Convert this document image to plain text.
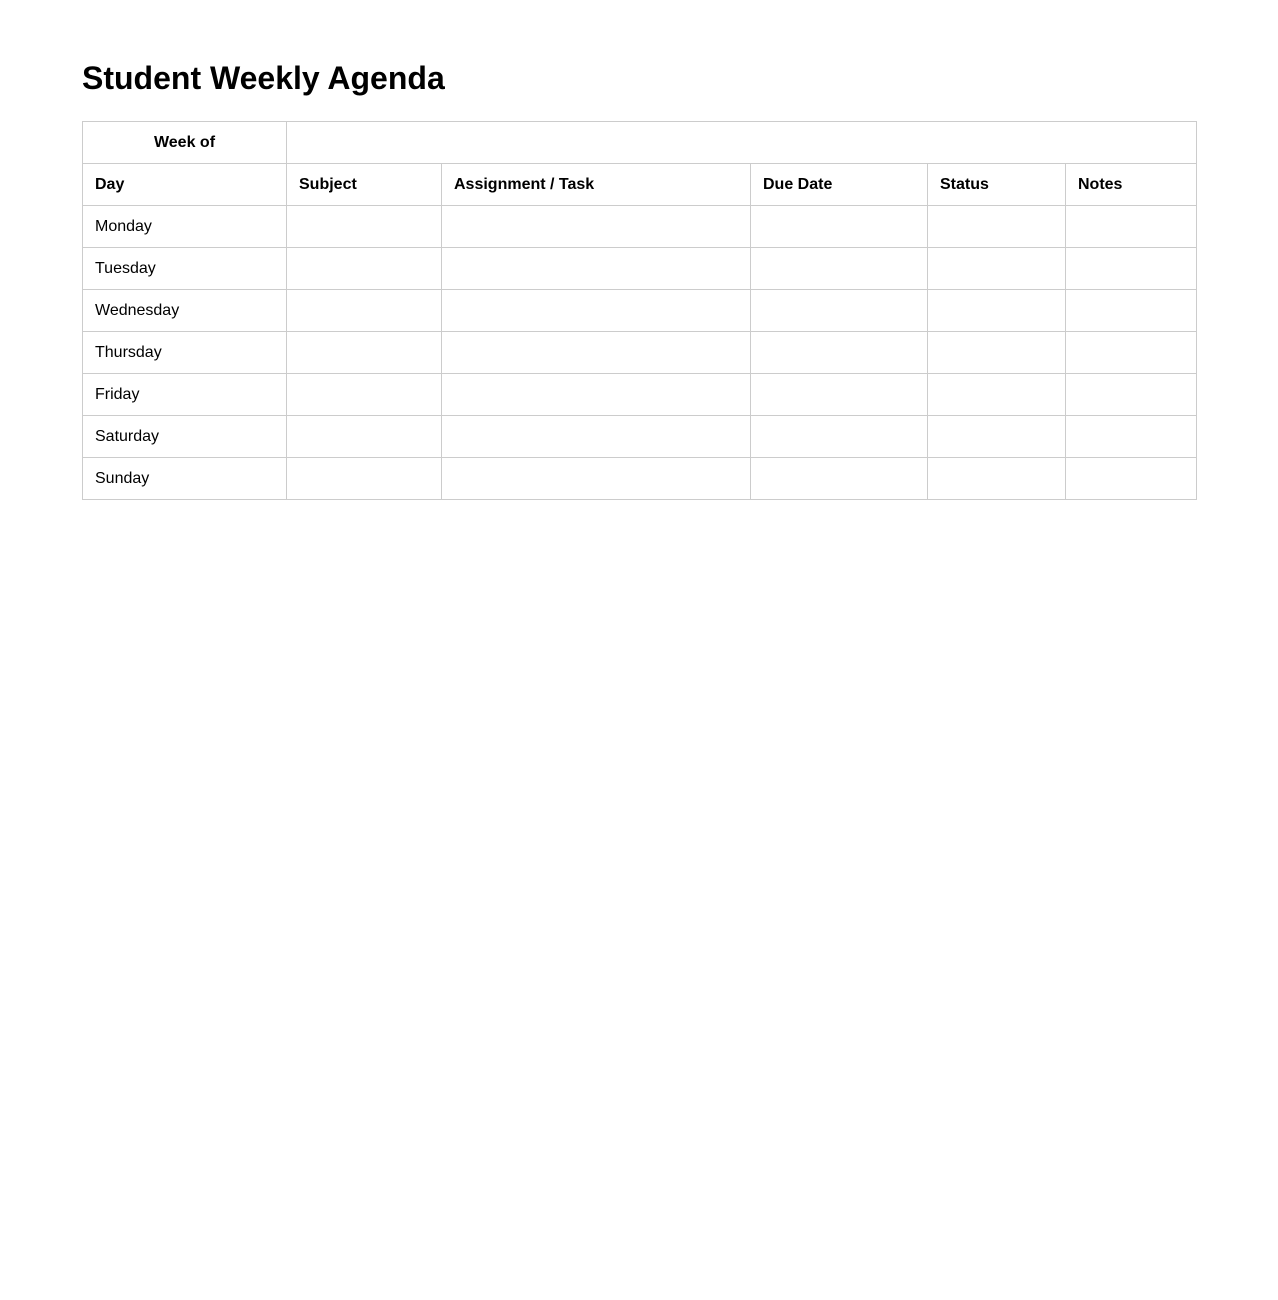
Student Weekly Agenda
Week of					
Day	Subject	Assignment / Task	Due Date	Status	Notes
Monday					
Tuesday					
Wednesday					
Thursday					
Friday					
Saturday					
Sunday					
